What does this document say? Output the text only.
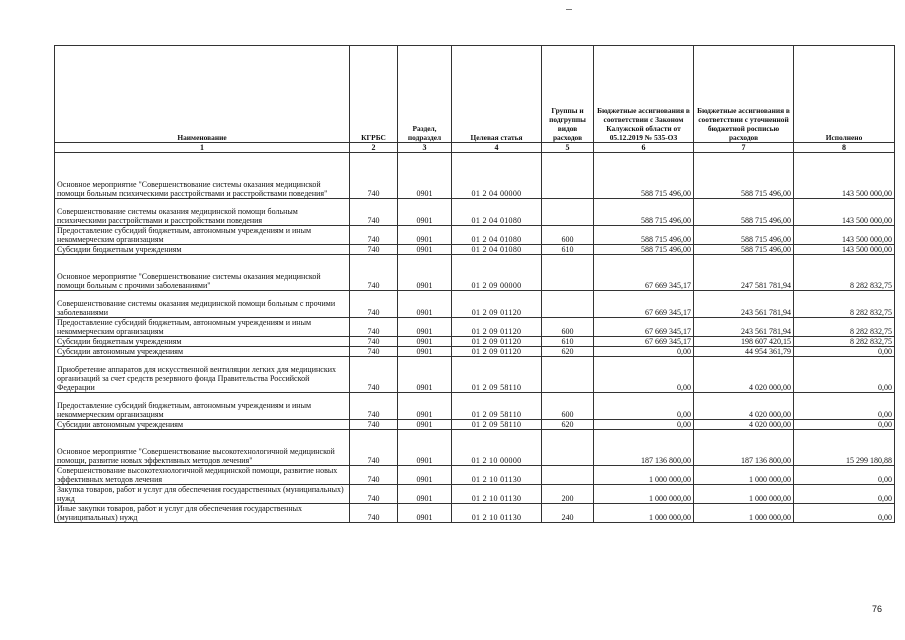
Наименование	КГРБС	Раздел, подраздел	Целевая статья	Группы и подгруппы видов расходов	Бюджетные ассигнования в соответствии с Законом Калужской области от 05.12.2019 № 535-ОЗ	Бюджетные ассигнования в соответствии с уточненной бюджетной росписью расходов	Исполнено
1	2	3	4	5	6	7	8
Основное мероприятие "Совершенствование системы оказания медицинской помощи больным психическими расстройствами и расстройствами поведения"	740	0901	01 2 04 00000		588 715 496,00	588 715 496,00	143 500 000,00
Совершенствование системы оказания медицинской помощи больным психическими расстройствами и расстройствами поведения	740	0901	01 2 04 01080		588 715 496,00	588 715 496,00	143 500 000,00
Предоставление субсидий бюджетным, автономным учреждениям и иным некоммерческим организациям	740	0901	01 2 04 01080	600	588 715 496,00	588 715 496,00	143 500 000,00
Субсидии бюджетным учреждениям	740	0901	01 2 04 01080	610	588 715 496,00	588 715 496,00	143 500 000,00
Основное мероприятие "Совершенствование системы оказания медицинской помощи больным с прочими заболеваниями"	740	0901	01 2 09 00000		67 669 345,17	247 581 781,94	8 282 832,75
Совершенствование системы оказания медицинской помощи больным с прочими заболеваниями	740	0901	01 2 09 01120		67 669 345,17	243 561 781,94	8 282 832,75
Предоставление субсидий бюджетным, автономным учреждениям и иным некоммерческим организациям	740	0901	01 2 09 01120	600	67 669 345,17	243 561 781,94	8 282 832,75
Субсидии бюджетным учреждениям	740	0901	01 2 09 01120	610	67 669 345,17	198 607 420,15	8 282 832,75
Субсидии автономным учреждениям	740	0901	01 2 09 01120	620	0,00	44 954 361,79	0,00
Приобретение аппаратов для искусственной вентиляции легких для медицинских организаций за счет средств резервного фонда Правительства Российской Федерации	740	0901	01 2 09 58110		0,00	4 020 000,00	0,00
Предоставление субсидий бюджетным, автономным учреждениям и иным некоммерческим организациям	740	0901	01 2 09 58110	600	0,00	4 020 000,00	0,00
Субсидии автономным учреждениям	740	0901	01 2 09 58110	620	0,00	4 020 000,00	0,00
Основное мероприятие "Совершенствование высокотехнологичной медицинской помощи, развитие новых эффективных методов лечения"	740	0901	01 2 10 00000		187 136 800,00	187 136 800,00	15 299 180,88
Совершенствование высокотехнологичной медицинской помощи, развитие новых эффективных методов лечения	740	0901	01 2 10 01130		1 000 000,00	1 000 000,00	0,00
Закупка товаров, работ и услуг для обеспечения государственных (муниципальных) нужд	740	0901	01 2 10 01130	200	1 000 000,00	1 000 000,00	0,00
Иные закупки товаров, работ и услуг для обеспечения государственных (муниципальных) нужд	740	0901	01 2 10 01130	240	1 000 000,00	1 000 000,00	0,00
76
